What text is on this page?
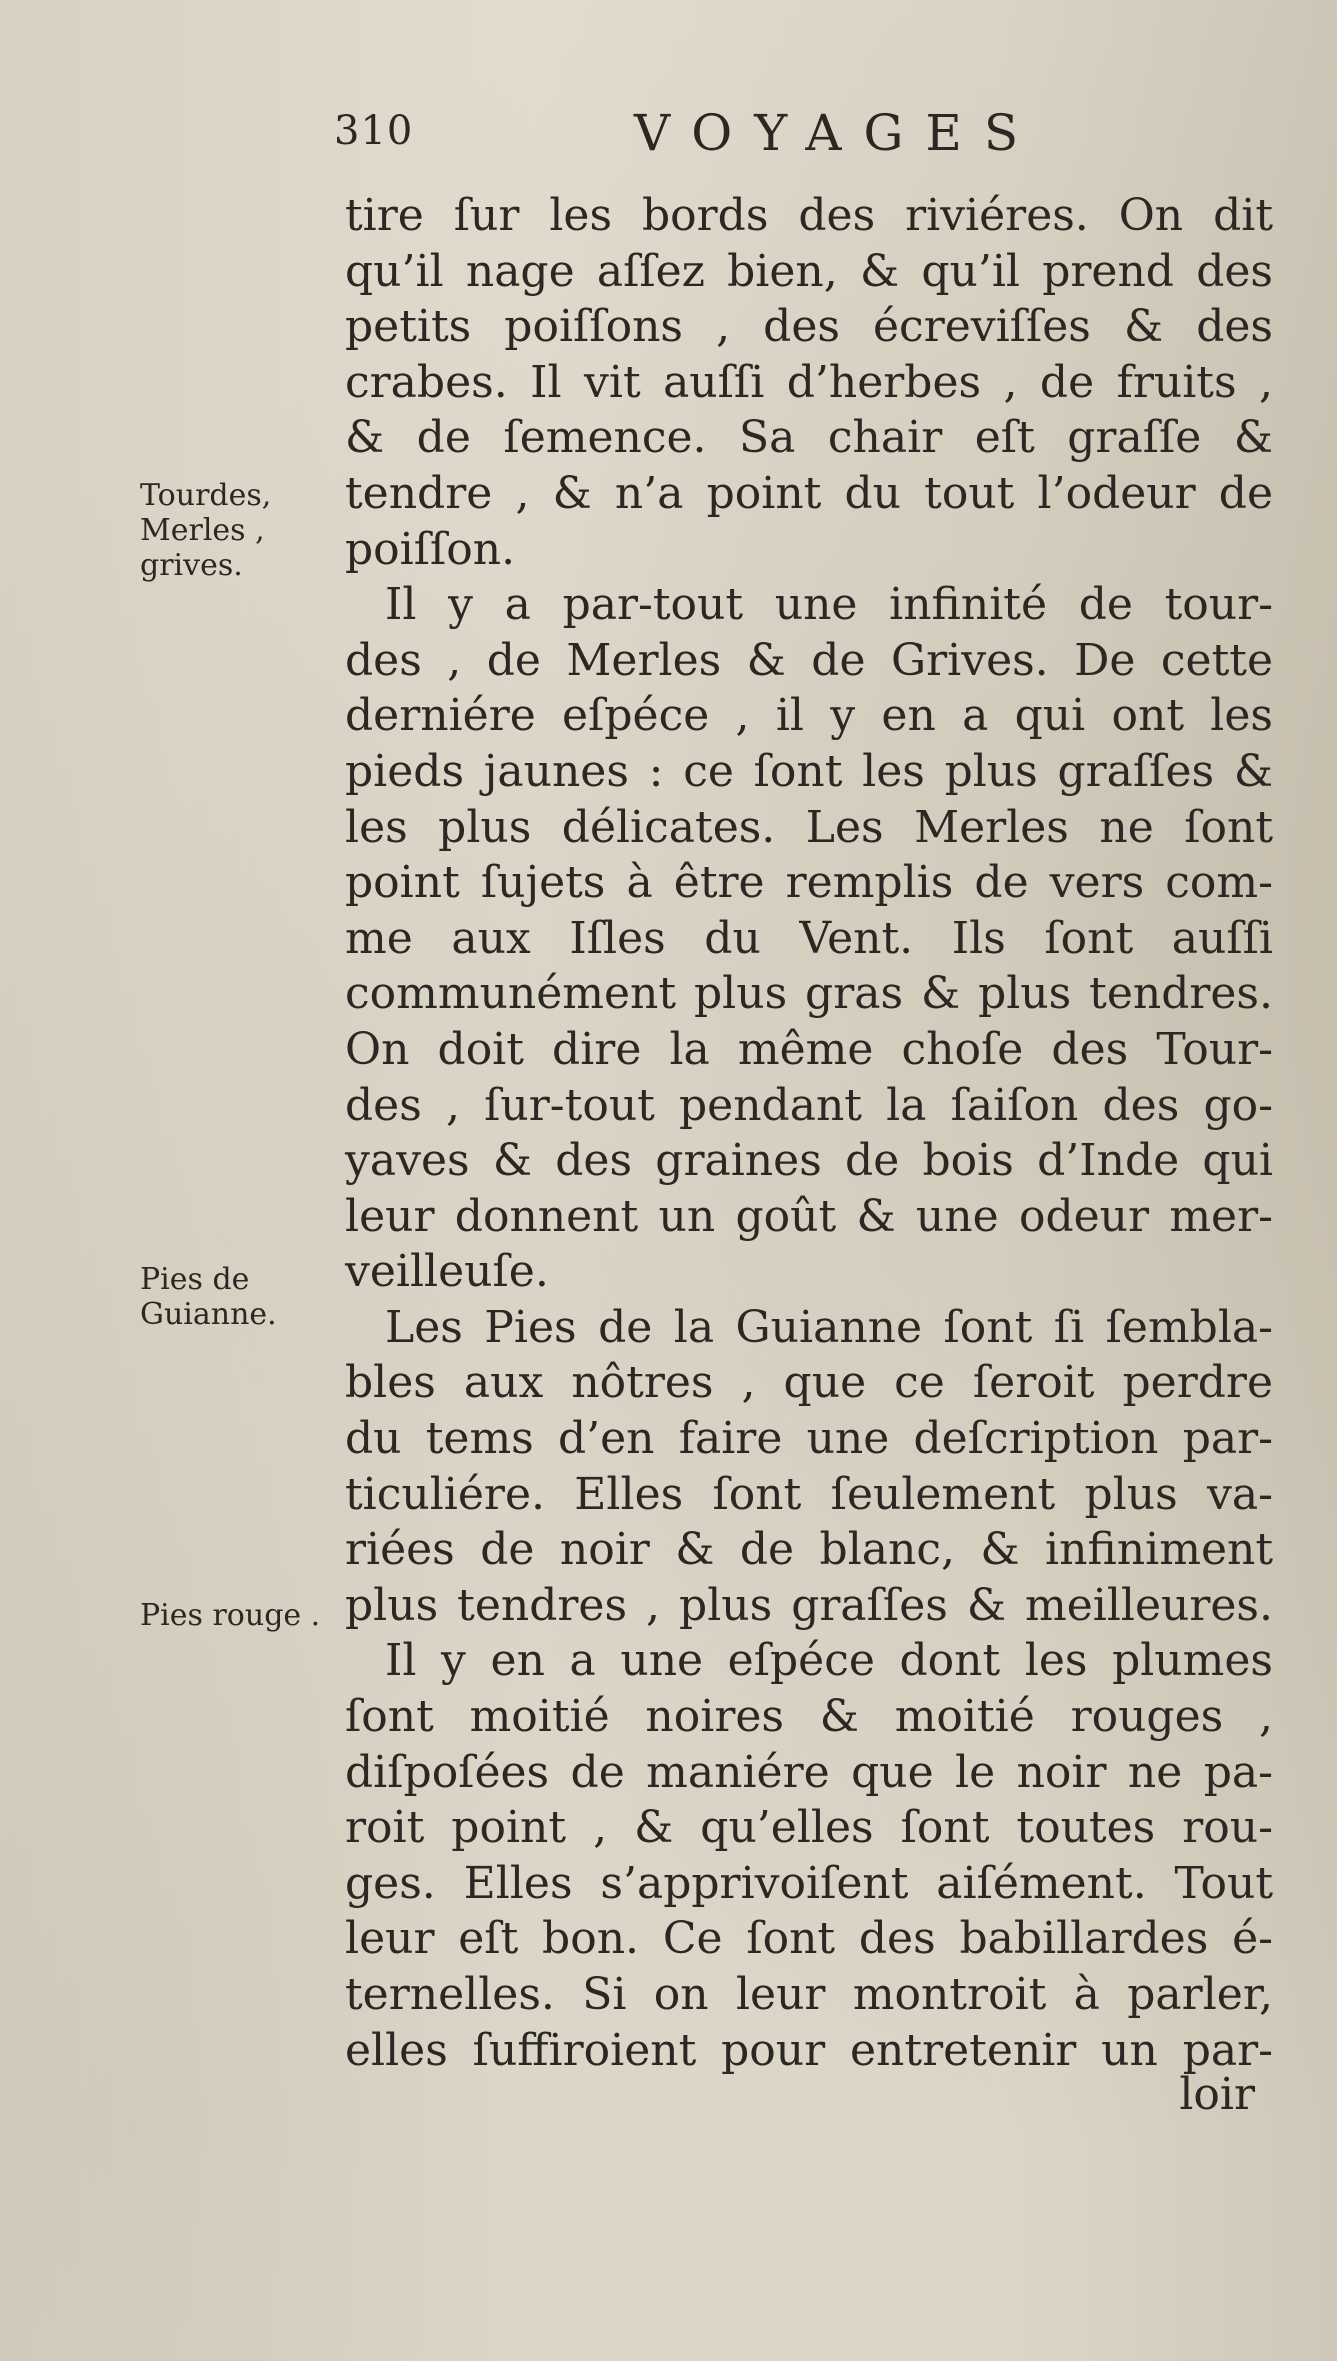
310	VOYAGES
Tourdes,
Merles ,
grives.
Pies de
Guianne.
Pies rouge .
tire ſur les bords des riviéres. On dit
qu’il nage aſſez bien, & qu’il prend des
petits poiſſons , des écreviſſes & des
crabes. Il vit auſſi d’herbes , de fruits ,
& de ſemence. Sa chair eſt graſſe &
tendre , & n’a point du tout l’odeur de
poiſſon.
Il y a par-tout une infinité de tour-
des , de Merles & de Grives. De cette
derniére eſpéce , il y en a qui ont les
pieds jaunes : ce ſont les plus graſſes &
les plus délicates. Les Merles ne ſont
point ſujets à être remplis de vers com-
me aux Iſles du Vent. Ils ſont auſſi
communément plus gras & plus tendres.
On doit dire la même choſe des Tour-
des , ſur-tout pendant la ſaiſon des go-
yaves & des graines de bois d’Inde qui
leur donnent un goût & une odeur mer-
veilleuſe.
Les Pies de la Guianne ſont ſi ſembla-
bles aux nôtres , que ce ſeroit perdre
du tems d’en faire une deſcription par-
ticuliére. Elles ſont ſeulement plus va-
riées de noir & de blanc, & infiniment
plus tendres , plus graſſes & meilleures.
Il y en a une eſpéce dont les plumes
ſont moitié noires & moitié rouges ,
diſpoſées de maniére que le noir ne pa-
roit point , & qu’elles ſont toutes rou-
ges. Elles s’apprivoiſent aiſément. Tout
leur eſt bon. Ce ſont des babillardes é-
ternelles. Si on leur montroit à parler,
elles ſuffiroient pour entretenir un par-
loir
